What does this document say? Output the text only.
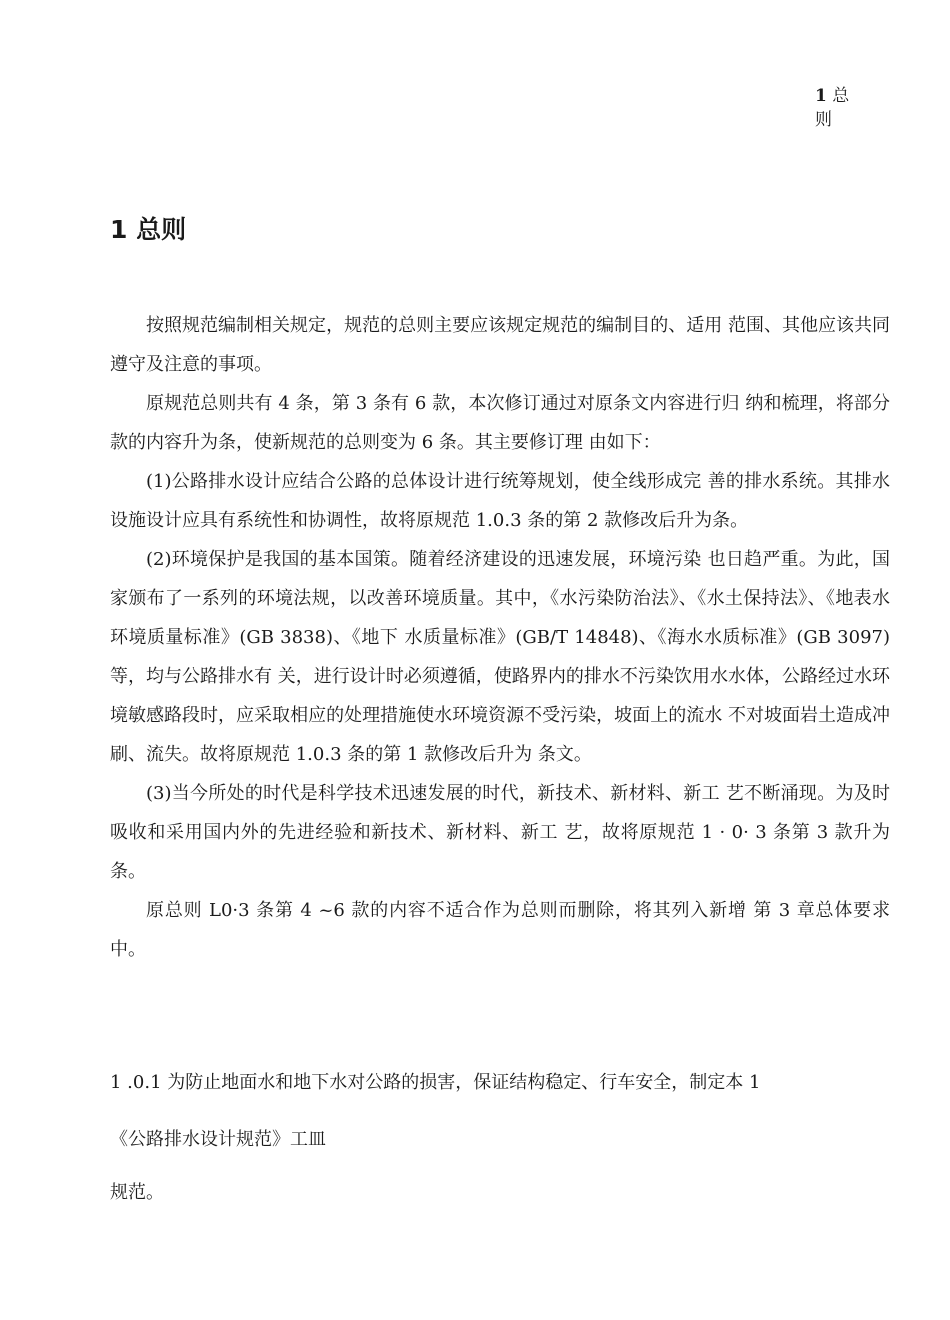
1 总则
1 总则

按照规范编制相关规定，规范的总则主要应该规定规范的编制目的、适用 范围、其他应该共同遵守及注意的事项。

原规范总则共有 4 条，第 3 条有 6 款，本次修订通过对原条文内容进行归 纳和梳理，将部分款的内容升为条，使新规范的总则变为 6 条。其主要修订理 由如下：

(1)公路排水设计应结合公路的总体设计进行统筹规划，使全线形成完 善的排水系统。其排水设施设计应具有系统性和协调性，故将原规范 1.0.3 条的第 2 款修改后升为条。

(2)环境保护是我国的基本国策。随着经济建设的迅速发展，环境污染 也日趋严重。为此，国家颁布了一系列的环境法规，以改善环境质量。其中，《水污染防治法》、《水土保持法》、《地表水环境质量标准》(GB 3838)、《地下 水质量标准》(GB/T 14848)、《海水水质标准》(GB 3097)等，均与公路排水有 关，进行设计时必须遵循，使路界内的排水不污染饮用水水体，公路经过水环 境敏感路段时，应采取相应的处理措施使水环境资源不受污染，坡面上的流水 不对坡面岩土造成冲刷、流失。故将原规范 1.0.3 条的第 1 款修改后升为 条文。

(3)当今所处的时代是科学技术迅速发展的时代，新技术、新材料、新工 艺不断涌现。为及时吸收和采用国内外的先进经验和新技术、新材料、新工 艺，故将原规范 1 · 0· 3 条第 3 款升为条。

原总则 L0·3 条第 4 ~6 款的内容不适合作为总则而删除，将其列入新增 第 3 章总体要求中。

1 .0.1 为防止地面水和地下水对公路的损害，保证结构稳定、行车安全，制定本 1

《公路排水设计规范》工皿

规范。
